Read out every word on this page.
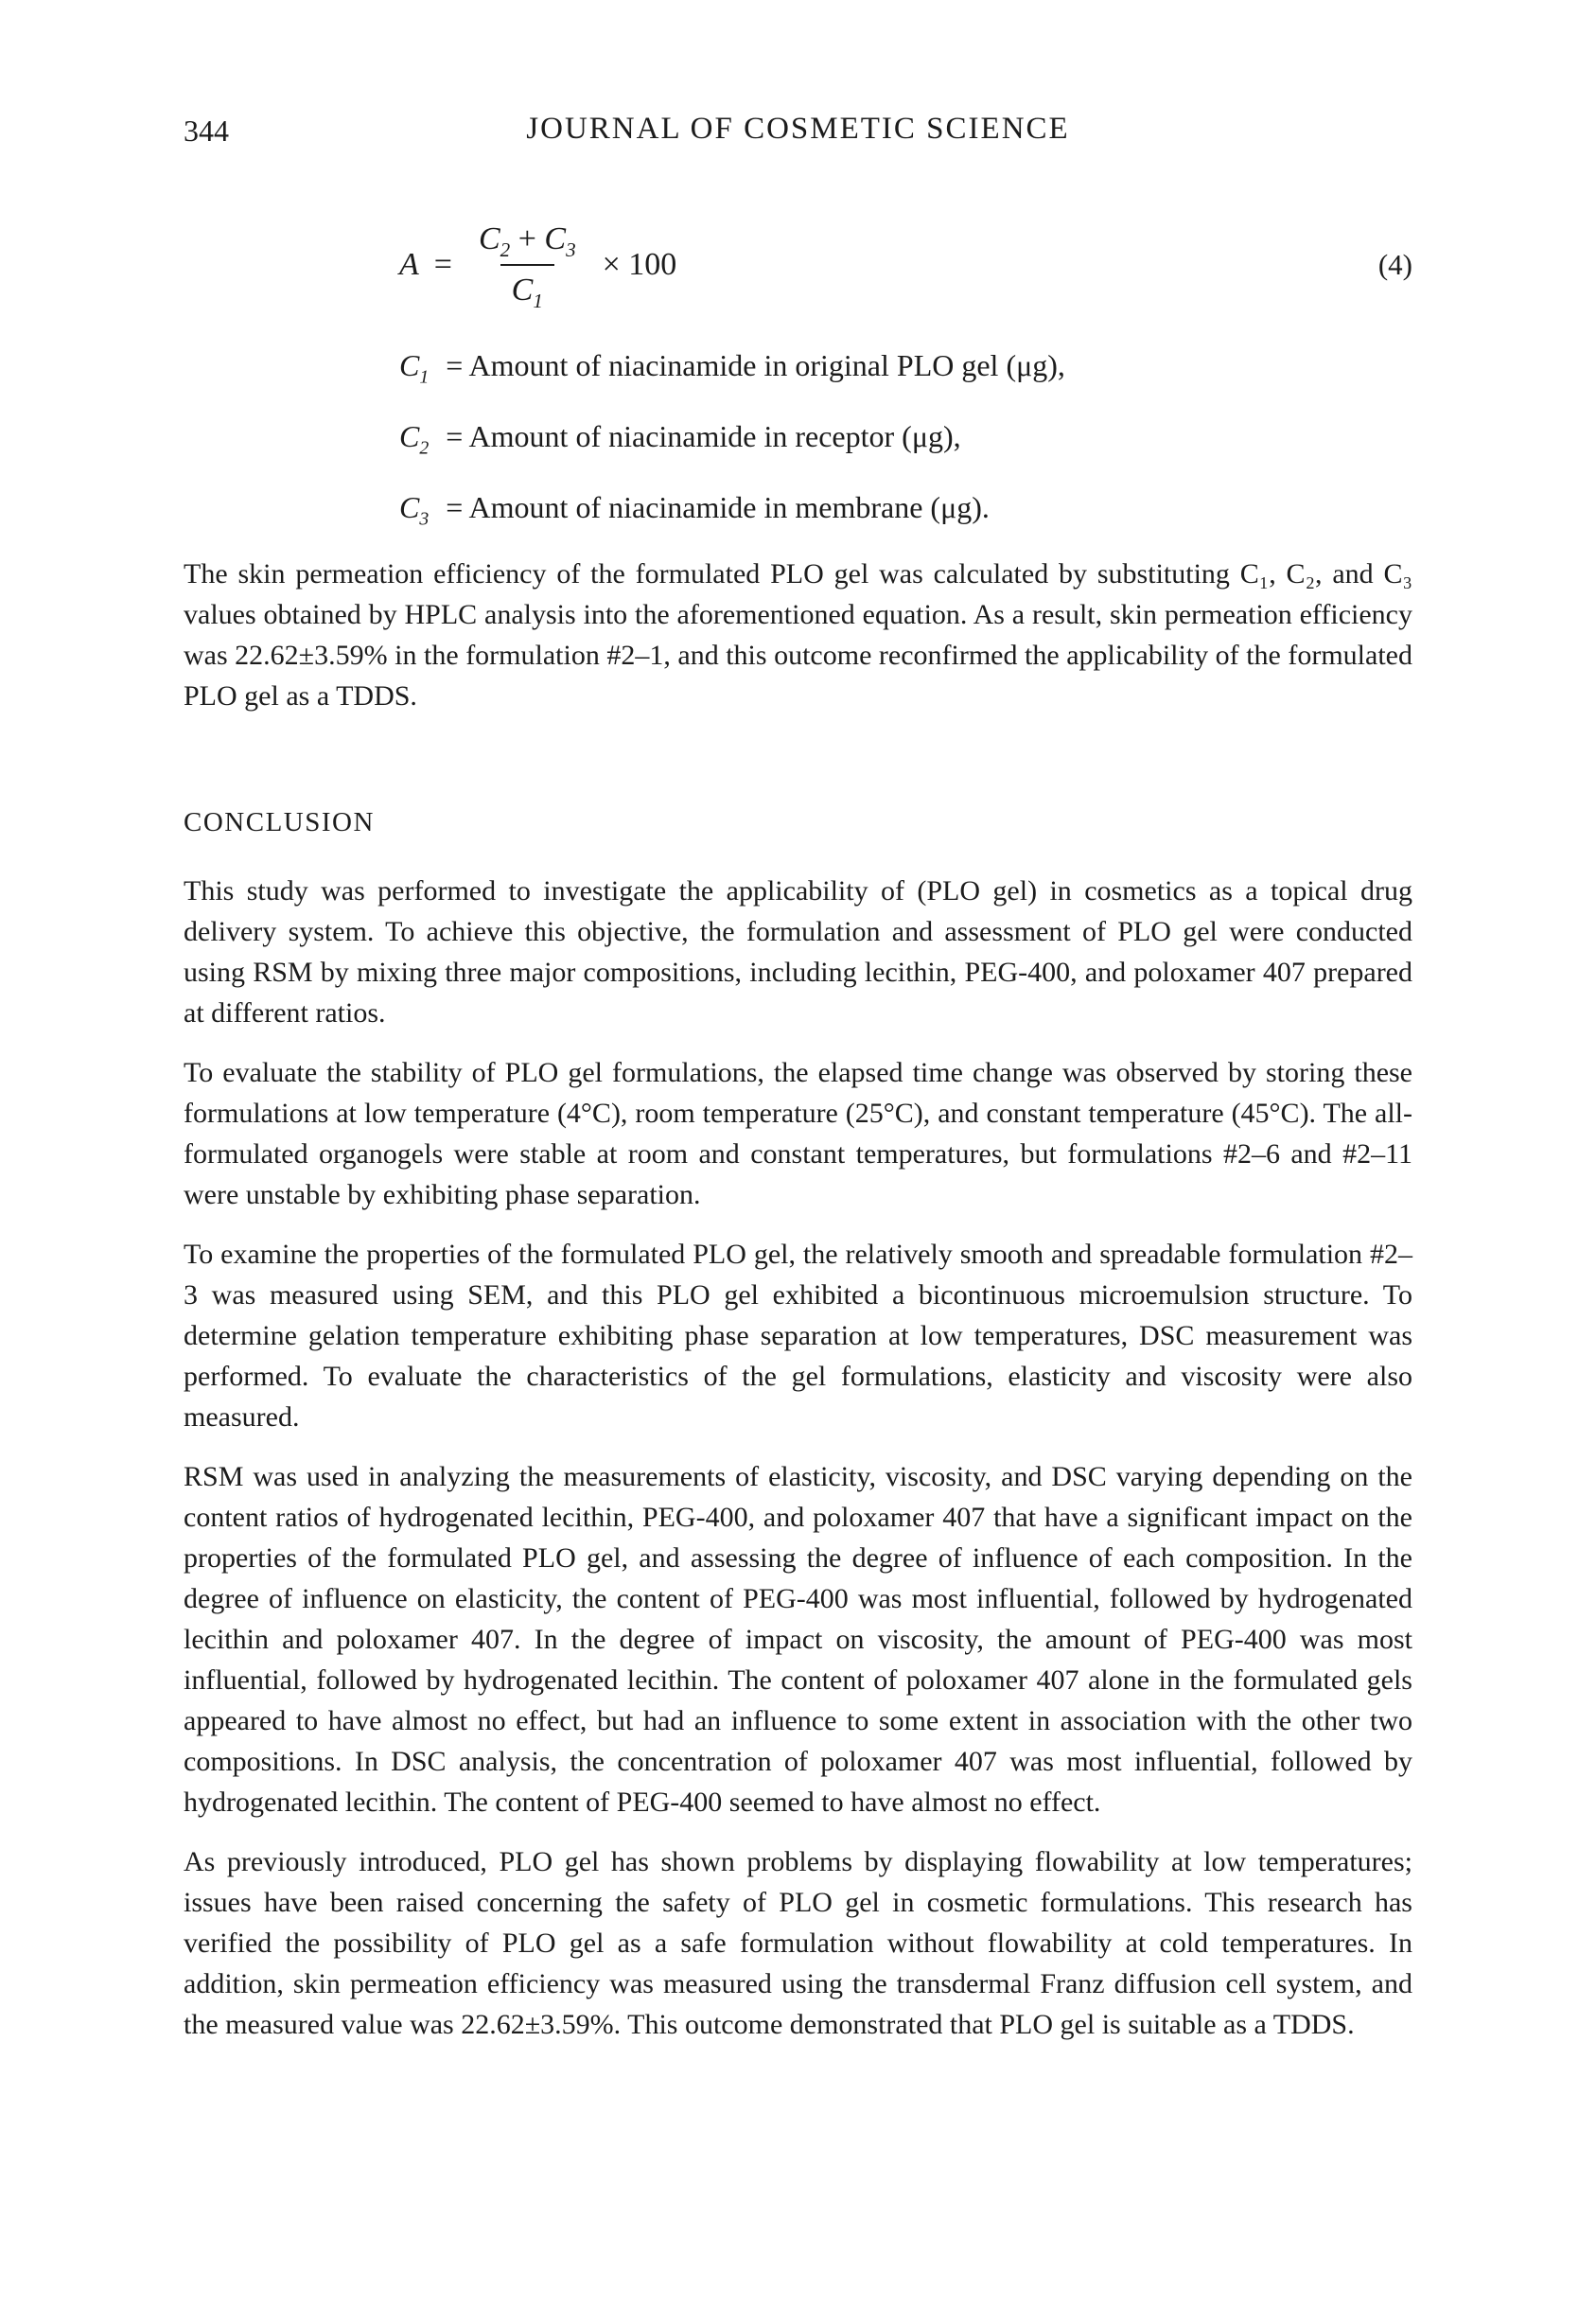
344	JOURNAL OF COSMETIC SCIENCE
$A = \frac{C_2 + C_3}{C_1} \times 100$	(4)
$C_1$ = Amount of niacinamide in original PLO gel (μg),
$C_2$ = Amount of niacinamide in receptor (μg),
$C_3$ = Amount of niacinamide in membrane (μg).

The skin permeation efficiency of the formulated PLO gel was calculated by substituting C₁, C₂, and C₃ values obtained by HPLC analysis into the aforementioned equation. As a result, skin permeation efficiency was 22.62±3.59% in the formulation #2–1, and this outcome reconfirmed the applicability of the formulated PLO gel as a TDDS.

CONCLUSION

This study was performed to investigate the applicability of (PLO gel) in cosmetics as a topical drug delivery system. To achieve this objective, the formulation and assessment of PLO gel were conducted using RSM by mixing three major compositions, including lecithin, PEG-400, and poloxamer 407 prepared at different ratios.

To evaluate the stability of PLO gel formulations, the elapsed time change was observed by storing these formulations at low temperature (4°C), room temperature (25°C), and constant temperature (45°C). The all-formulated organogels were stable at room and constant temperatures, but formulations #2–6 and #2–11 were unstable by exhibiting phase separation.

To examine the properties of the formulated PLO gel, the relatively smooth and spreadable formulation #2–3 was measured using SEM, and this PLO gel exhibited a bicontinuous microemulsion structure. To determine gelation temperature exhibiting phase separation at low temperatures, DSC measurement was performed. To evaluate the characteristics of the gel formulations, elasticity and viscosity were also measured.

RSM was used in analyzing the measurements of elasticity, viscosity, and DSC varying depending on the content ratios of hydrogenated lecithin, PEG-400, and poloxamer 407 that have a significant impact on the properties of the formulated PLO gel, and assessing the degree of influence of each composition. In the degree of influence on elasticity, the content of PEG-400 was most influential, followed by hydrogenated lecithin and poloxamer 407. In the degree of impact on viscosity, the amount of PEG-400 was most influential, followed by hydrogenated lecithin. The content of poloxamer 407 alone in the formulated gels appeared to have almost no effect, but had an influence to some extent in association with the other two compositions. In DSC analysis, the concentration of poloxamer 407 was most influential, followed by hydrogenated lecithin. The content of PEG-400 seemed to have almost no effect.

As previously introduced, PLO gel has shown problems by displaying flowability at low temperatures; issues have been raised concerning the safety of PLO gel in cosmetic formulations. This research has verified the possibility of PLO gel as a safe formulation without flowability at cold temperatures. In addition, skin permeation efficiency was measured using the transdermal Franz diffusion cell system, and the measured value was 22.62±3.59%. This outcome demonstrated that PLO gel is suitable as a TDDS.
